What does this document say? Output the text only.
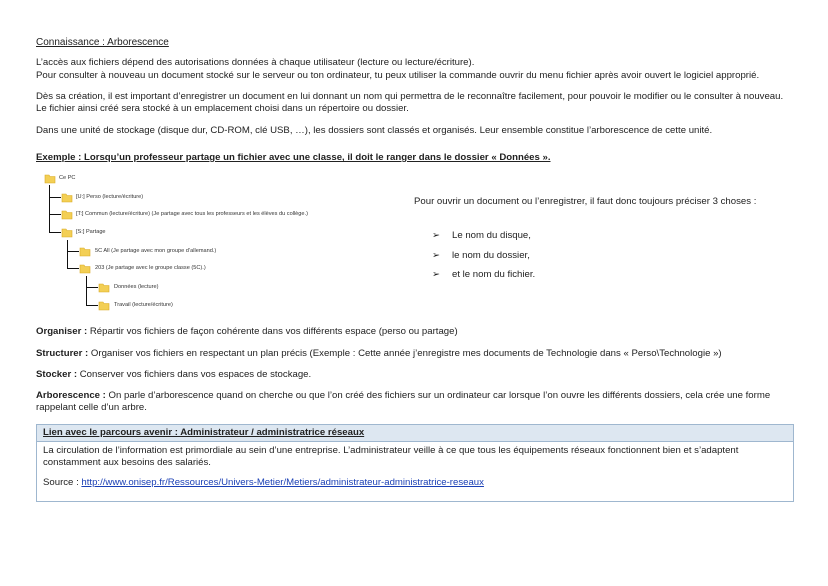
Connaissance : Arborescence

L’accès aux fichiers dépend des autorisations données à chaque utilisateur (lecture ou lecture/écriture).

Pour consulter à nouveau un document stocké sur le serveur ou ton ordinateur, tu peux utiliser la commande ouvrir du menu fichier après avoir ouvert le logiciel approprié.

Dès sa création, il est important d’enregistrer un document en lui donnant un nom qui permettra de le reconnaître facilement, pour pouvoir le modifier ou le consulter à nouveau. Le fichier ainsi créé sera stocké à un emplacement choisi dans un répertoire ou dossier.

Dans une unité de stockage (disque dur, CD-ROM, clé USB, …), les dossiers sont classés et organisés. Leur ensemble constitue l’arborescence de cette unité.

Exemple : Lorsqu’un professeur partage un fichier avec une classe, il doit le ranger dans le dossier « Données ».
Ce PC
[U:] Perso (lecture/écriture)
[T:] Commun (lecture/écriture) (Je partage avec tous les professeurs et les élèves du collège.)
[S:] Partage
5C All (Je partage avec mon groupe d’allemand.)
203 (Je partage avec le groupe classe (5C).)
Données (lecture)
Travail (lecture/écriture)
Pour ouvrir un document ou l’enregistrer, il faut donc toujours préciser 3 choses :
➢ Le nom du disque,
➢ le nom du dossier,
➢ et le nom du fichier.
Organiser : Répartir vos fichiers de façon cohérente dans vos différents espace (perso ou partage)
Structurer : Organiser vos fichiers en respectant un plan précis (Exemple : Cette année j’enregistre mes documents de Technologie dans « Perso\Technologie »)
Stocker : Conserver vos fichiers dans vos espaces de stockage.
Arborescence : On parle d’arborescence quand on cherche ou que l’on créé des fichiers sur un ordinateur car lorsque l’on ouvre les différents dossiers, cela crée une forme rappelant celle d’un arbre.
Lien avec le parcours avenir : Administrateur / administratrice réseaux
La circulation de l’information est primordiale au sein d’une entreprise. L’administrateur veille à ce que tous les équipements réseaux fonctionnent bien et s’adaptent constamment aux besoins des salariés.
Source : http://www.onisep.fr/Ressources/Univers-Metier/Metiers/administrateur-administratrice-reseaux
